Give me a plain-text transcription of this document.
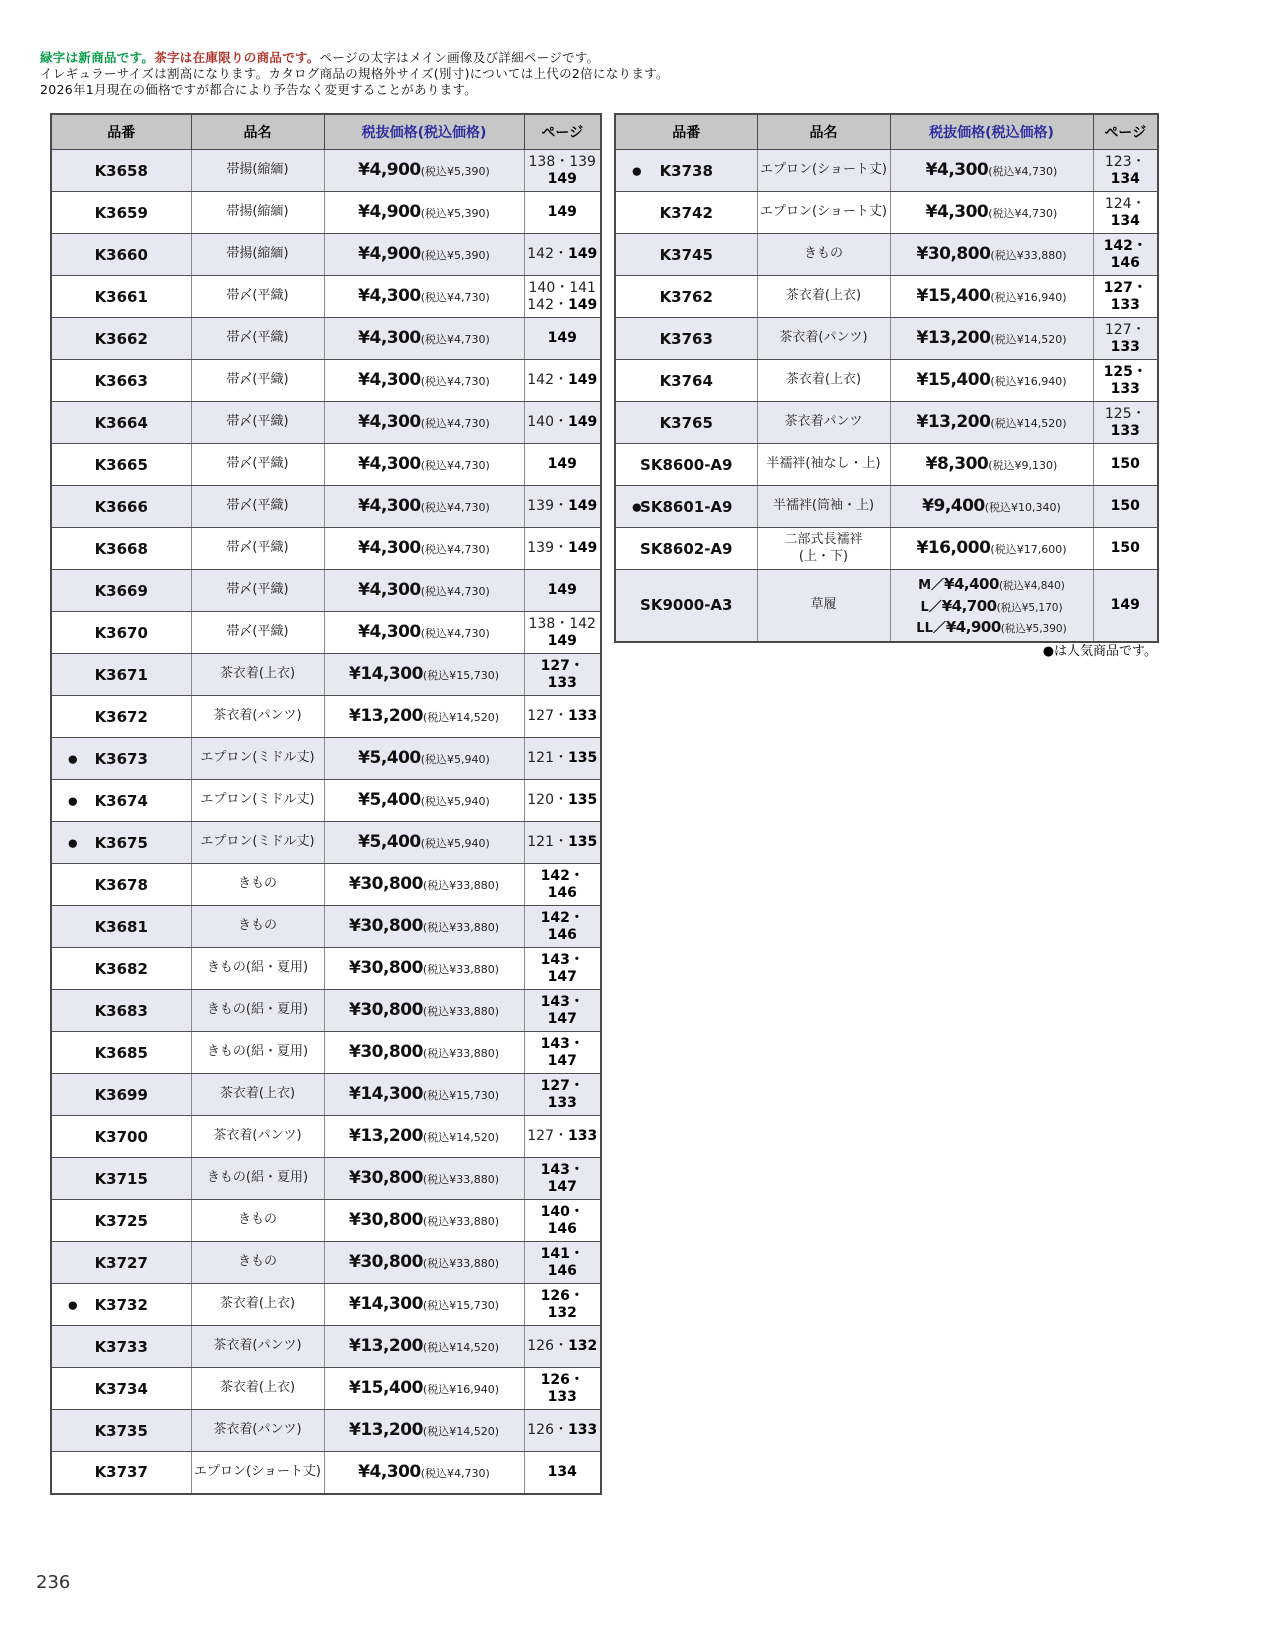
緑字は新商品です。茶字は在庫限りの商品です。ページの太字はメイン画像及び詳細ページです。
イレギュラーサイズは割高になります。カタログ商品の規格外サイズ(別寸)については上代の2倍になります。
2026年1月現在の価格ですが都合により予告なく変更することがあります。
品番	品名	税抜価格(税込価格)	ページ
K3658	帯揚(縮緬)	¥4,900(税込¥5,390)	138・139
149

K3659	帯揚(縮緬)	¥4,900(税込¥5,390)	149

K3660	帯揚(縮緬)	¥4,900(税込¥5,390)	142・149

K3661	帯〆(平織)	¥4,300(税込¥4,730)	140・141
142・149

K3662	帯〆(平織)	¥4,300(税込¥4,730)	149

K3663	帯〆(平織)	¥4,300(税込¥4,730)	142・149

K3664	帯〆(平織)	¥4,300(税込¥4,730)	140・149

K3665	帯〆(平織)	¥4,300(税込¥4,730)	149

K3666	帯〆(平織)	¥4,300(税込¥4,730)	139・149

K3668	帯〆(平織)	¥4,300(税込¥4,730)	139・149

K3669	帯〆(平織)	¥4,300(税込¥4,730)	149

K3670	帯〆(平織)	¥4,300(税込¥4,730)	138・142
149

K3671	茶衣着(上衣)	¥14,300(税込¥15,730)	127・133

K3672	茶衣着(パンツ)	¥13,200(税込¥14,520)	127・133

● K3673	エプロン(ミドル丈)	¥5,400(税込¥5,940)	121・135

● K3674	エプロン(ミドル丈)	¥5,400(税込¥5,940)	120・135

● K3675	エプロン(ミドル丈)	¥5,400(税込¥5,940)	121・135

K3678	きもの	¥30,800(税込¥33,880)	142・146

K3681	きもの	¥30,800(税込¥33,880)	142・146

K3682	きもの(絽・夏用)	¥30,800(税込¥33,880)	143・147

K3683	きもの(絽・夏用)	¥30,800(税込¥33,880)	143・147

K3685	きもの(絽・夏用)	¥30,800(税込¥33,880)	143・147

K3699	茶衣着(上衣)	¥14,300(税込¥15,730)	127・133

K3700	茶衣着(パンツ)	¥13,200(税込¥14,520)	127・133

K3715	きもの(絽・夏用)	¥30,800(税込¥33,880)	143・147

K3725	きもの	¥30,800(税込¥33,880)	140・146

K3727	きもの	¥30,800(税込¥33,880)	141・146

● K3732	茶衣着(上衣)	¥14,300(税込¥15,730)	126・132

K3733	茶衣着(パンツ)	¥13,200(税込¥14,520)	126・132

K3734	茶衣着(上衣)	¥15,400(税込¥16,940)	126・133

K3735	茶衣着(パンツ)	¥13,200(税込¥14,520)	126・133

K3737	エプロン(ショート丈)	¥4,300(税込¥4,730)	134
品番	品名	税抜価格(税込価格)	ページ

● K3738	エプロン(ショート丈)	¥4,300(税込¥4,730)	123・134

K3742	エプロン(ショート丈)	¥4,300(税込¥4,730)	124・134

K3745	きもの	¥30,800(税込¥33,880)	142・146

K3762	茶衣着(上衣)	¥15,400(税込¥16,940)	127・133

K3763	茶衣着(パンツ)	¥13,200(税込¥14,520)	127・133

K3764	茶衣着(上衣)	¥15,400(税込¥16,940)	125・133

K3765	茶衣着パンツ	¥13,200(税込¥14,520)	125・133

SK8600-A9	半襦袢(袖なし・上)	¥8,300(税込¥9,130)	150

●
SK8601-A9	半襦袢(筒袖・上)	¥9,400(税込¥10,340)	150

SK8602-A9	二部式長襦袢
(上・下)	¥16,000(税込¥17,600)	150

SK9000-A3	草履	M／¥4,400(税込¥4,840)
L／¥4,700(税込¥5,170)
LL／¥4,900(税込¥5,390)	149
●は人気商品です。
236
